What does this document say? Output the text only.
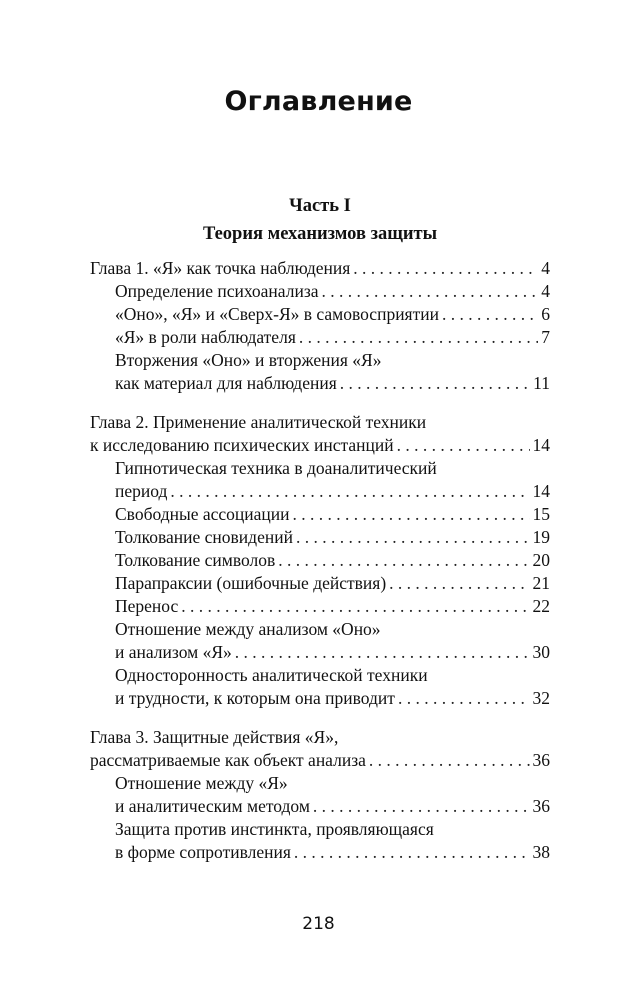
Оглавление
Часть I
Теория механизмов защиты
Глава 1. «Я» как точка наблюдения . . .	4
Определение психоанализа . . .	4
«Оно», «Я» и «Сверх-Я» в самовосприятии . . .	6
«Я» в роли наблюдателя . . .	7
Вторжения «Оно» и вторжения «Я»
как материал для наблюдения . . .	11
Глава 2. Применение аналитической техники
к исследованию психических инстанций . . .	14
Гипнотическая техника в доаналитический
период . . .	14
Свободные ассоциации . . .	15
Толкование сновидений . . .	19
Толкование символов . . .	20
Парапраксии (ошибочные действия) . . .	21
Перенос . . .	22
Отношение между анализом «Оно»
и анализом «Я» . . .	30
Односторонность аналитической техники
и трудности, к которым она приводит . . .	32
Глава 3. Защитные действия «Я»,
рассматриваемые как объект анализа . . .	36
Отношение между «Я»
и аналитическим методом . . .	36
Защита против инстинкта, проявляющаяся
в форме сопротивления . . .	38
218
